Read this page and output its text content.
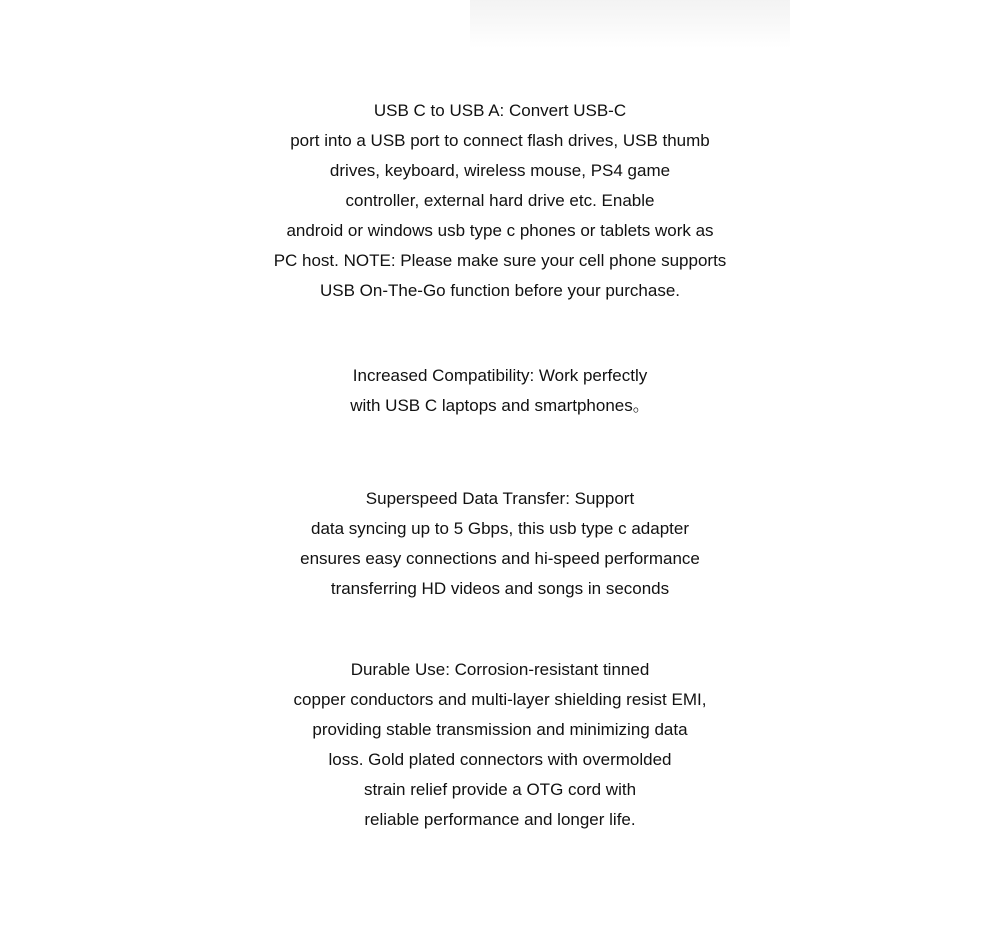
USB C to USB A: Convert USB-C
port into a USB port to connect flash drives, USB thumb
drives, keyboard, wireless mouse, PS4 game
controller, external hard drive etc. Enable
android or windows usb type c phones or tablets work as
PC host. NOTE: Please make sure your cell phone supports
USB On-The-Go function before your purchase.
Increased Compatibility: Work perfectly
with USB C laptops and smartphones。
Superspeed Data Transfer: Support
data syncing up to 5 Gbps, this usb type c adapter
ensures easy connections and hi-speed performance
transferring HD videos and songs in seconds
Durable Use: Corrosion-resistant tinned
copper conductors and multi-layer shielding resist EMI,
providing stable transmission and minimizing data
loss. Gold plated connectors with overmolded
strain relief provide a OTG cord with
reliable performance and longer life.
